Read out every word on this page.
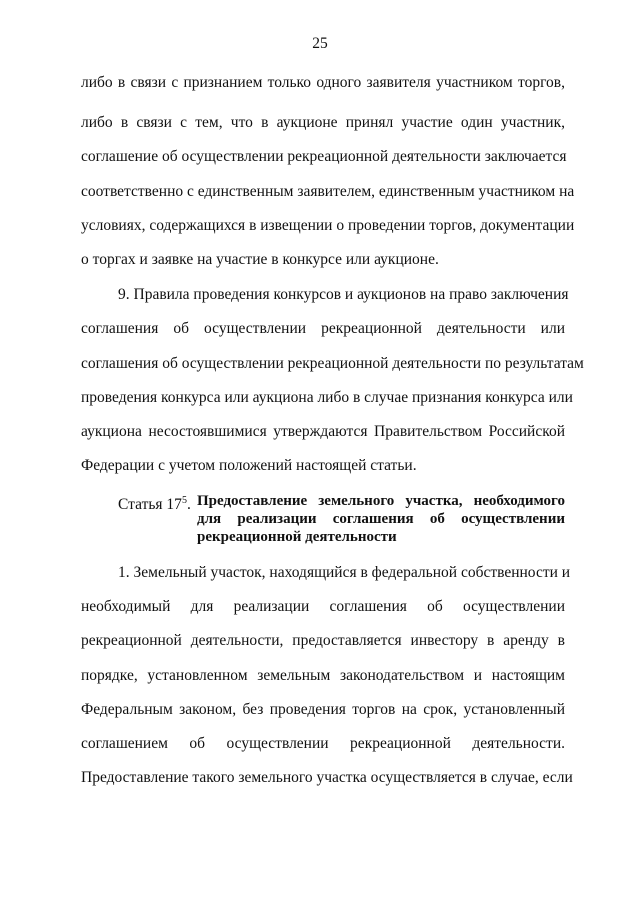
25
либо в связи с признанием только одного заявителя участником торгов,
либо в связи с тем, что в аукционе принял участие один участник,
соглашение об осуществлении рекреационной деятельности заключается
соответственно с единственным заявителем, единственным участником на
условиях, содержащихся в извещении о проведении торгов, документации
о торгах и заявке на участие в конкурсе или аукционе.
9. Правила проведения конкурсов и аукционов на право заключения
соглашения об осуществлении рекреационной деятельности или
соглашения об осуществлении рекреационной деятельности по результатам
проведения конкурса или аукциона либо в случае признания конкурса или
аукциона несостоявшимися утверждаются Правительством Российской
Федерации с учетом положений настоящей статьи.
Статья $17^5$. Предоставление земельного участка, необходимого
для реализации соглашения об осуществлении
рекреационной деятельности
1. Земельный участок, находящийся в федеральной собственности и
необходимый для реализации соглашения об осуществлении
рекреационной деятельности, предоставляется инвестору в аренду в
порядке, установленном земельным законодательством и настоящим
Федеральным законом, без проведения торгов на срок, установленный
соглашением об осуществлении рекреационной деятельности.
Предоставление такого земельного участка осуществляется в случае, если
